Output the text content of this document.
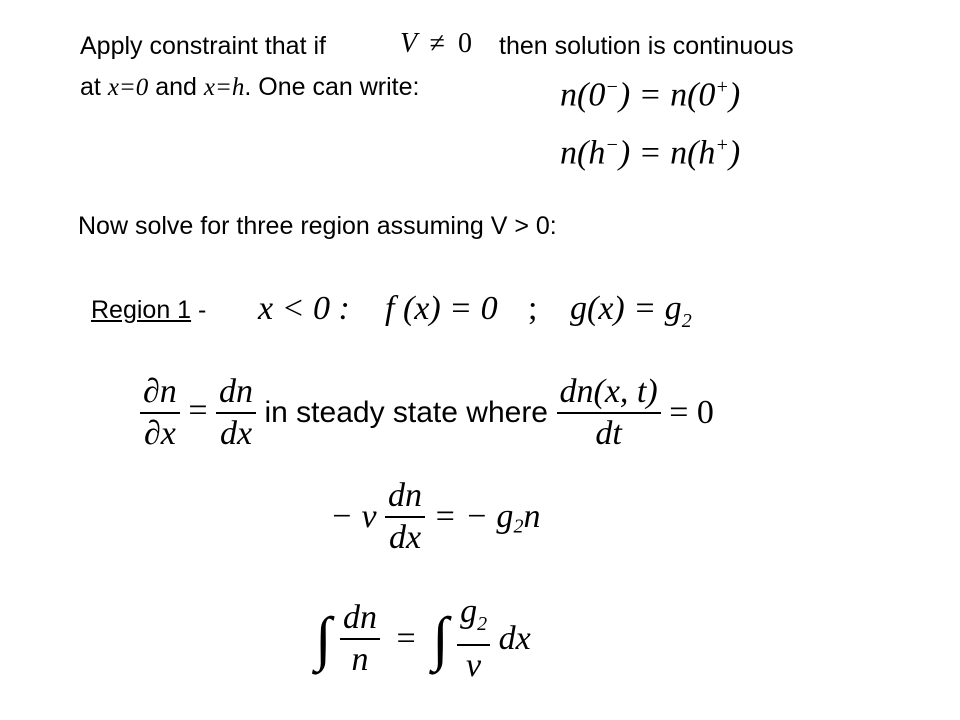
Apply constraint that if	V ≠ 0 then solution is continuous
at x=0 and x=h. One can write:	n(0−) = n(0+)
n(h−) = n(h+)
Now solve for three region assuming V > 0:
Region 1 - x < 0 : f (x) = 0 ; $g(x) = g_2$
$\frac{\partial n}{\partial x} = \frac{dn}{dx}$ in steady state where $\frac{dn(x, t)}{dt} = 0$
− v $\frac{dn}{dx}$ = − $g_2n$
∫ $\frac{dn}{n}$ = ∫ $\frac{g_2}{v}$ dx
